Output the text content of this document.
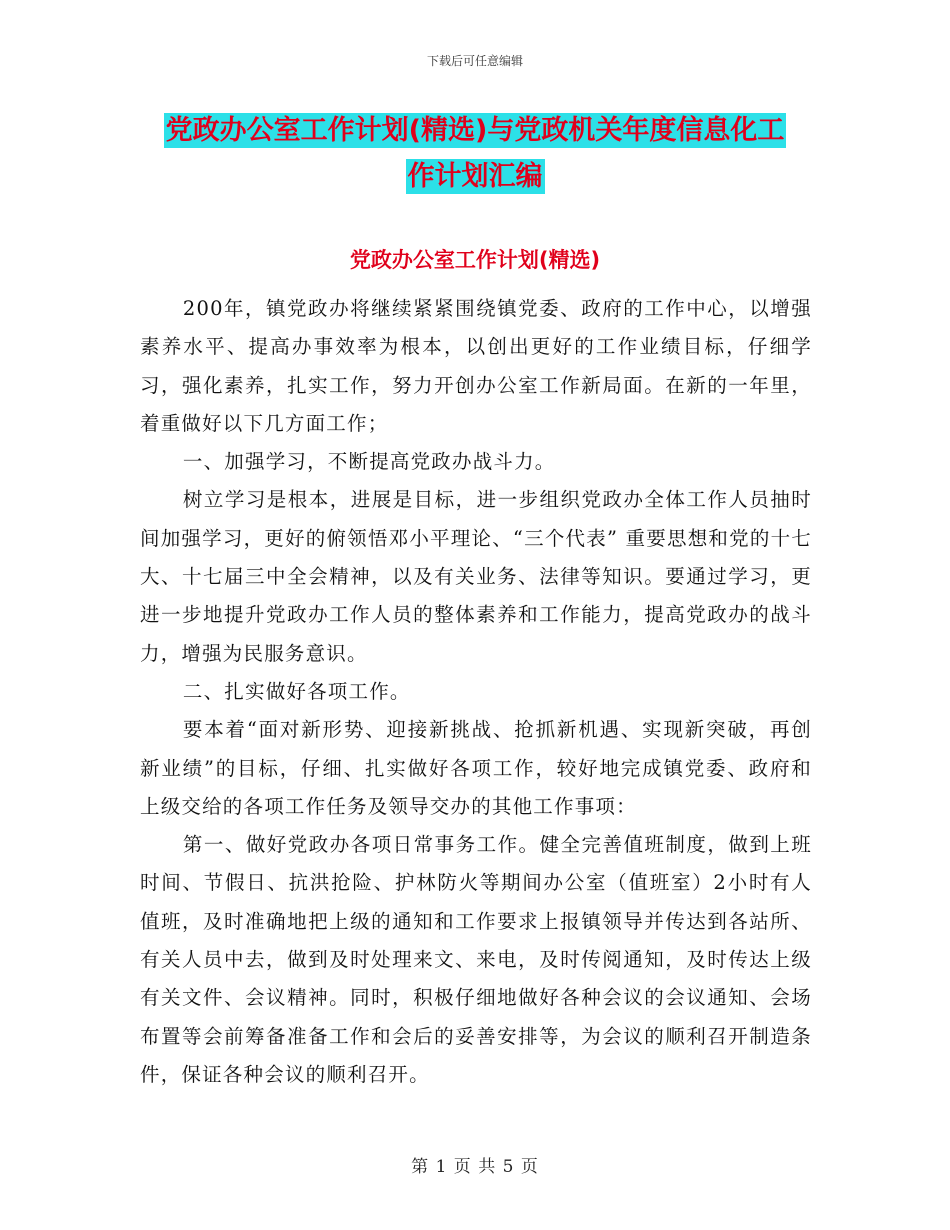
下载后可任意编辑
党政办公室工作计划(精选)与党政机关年度信息化工
作计划汇编
党政办公室工作计划(精选)

200年，镇党政办将继续紧紧围绕镇党委、政府的工作中心，以增强素养水平、提高办事效率为根本，以创出更好的工作业绩目标，仔细学习，强化素养，扎实工作，努力开创办公室工作新局面。在新的一年里，着重做好以下几方面工作；

一、加强学习，不断提高党政办战斗力。

树立学习是根本，进展是目标，进一步组织党政办全体工作人员抽时间加强学习，更好的俯领悟邓小平理论、“三个代表” 重要思想和党的十七大、十七届三中全会精神，以及有关业务、法律等知识。要通过学习，更进一步地提升党政办工作人员的整体素养和工作能力，提高党政办的战斗力，增强为民服务意识。

二、扎实做好各项工作。

要本着“面对新形势、迎接新挑战、抢抓新机遇、实现新突破，再创新业绩”的目标，仔细、扎实做好各项工作，较好地完成镇党委、政府和上级交给的各项工作任务及领导交办的其他工作事项：

第一、做好党政办各项日常事务工作。健全完善值班制度，做到上班时间、节假日、抗洪抢险、护林防火等期间办公室（值班室）2小时有人值班，及时准确地把上级的通知和工作要求上报镇领导并传达到各站所、有关人员中去，做到及时处理来文、来电，及时传阅通知，及时传达上级有关文件、会议精神。同时，积极仔细地做好各种会议的会议通知、会场布置等会前筹备准备工作和会后的妥善安排等，为会议的顺利召开制造条件，保证各种会议的顺利召开。

第 1 页 共 5 页
